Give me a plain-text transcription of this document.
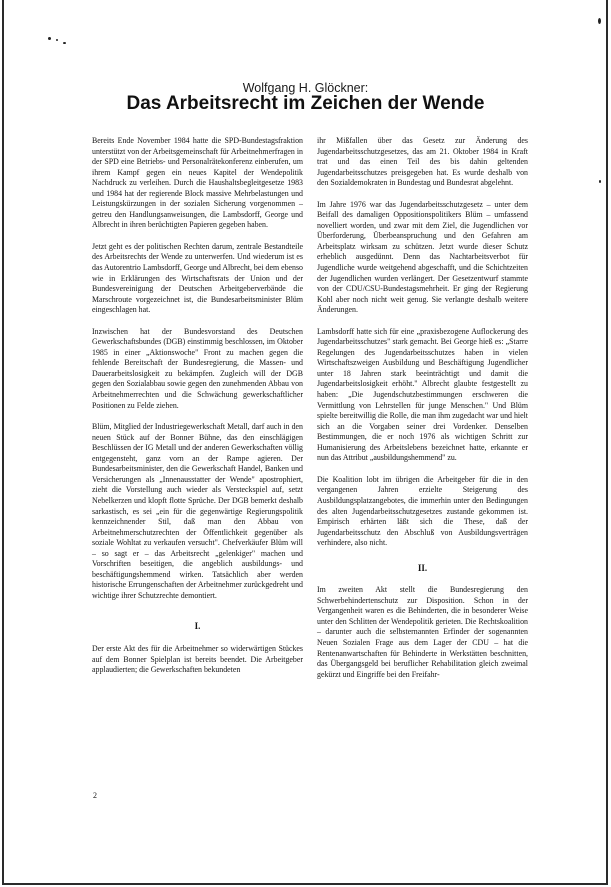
Wolfgang H. Glöckner:
Das Arbeitsrecht im Zeichen der Wende

Bereits Ende November 1984 hatte die SPD-Bundestagsfraktion unterstützt von der Arbeitsgemeinschaft für Arbeitnehmerfragen in der SPD eine Betriebs- und Personalrätekonferenz einberufen, um ihrem Kampf gegen ein neues Kapitel der Wendepolitik Nachdruck zu verleihen. Durch die Haushaltsbegleitgesetze 1983 und 1984 hat der regierende Block massive Mehrbelastungen und Leistungskürzungen in der sozialen Sicherung vorgenommen – getreu den Handlungsanweisungen, die Lambsdorff, George und Albrecht in ihren berüchtigten Papieren gegeben haben.

Jetzt geht es der politischen Rechten darum, zentrale Bestandteile des Arbeitsrechts der Wende zu unterwerfen. Und wiederum ist es das Autorentrio Lambsdorff, George und Albrecht, bei dem ebenso wie in Erklärungen des Wirtschaftsrats der Union und der Bundesvereinigung der Deutschen Arbeitgeberverbände die Marschroute vorgezeichnet ist, die Bundesarbeitsminister Blüm eingeschlagen hat.

Inzwischen hat der Bundesvorstand des Deutschen Gewerkschaftsbundes (DGB) einstimmig beschlossen, im Oktober 1985 in einer „Aktionswoche" Front zu machen gegen die fehlende Bereitschaft der Bundesregierung, die Massen- und Dauerarbeitslosigkeit zu bekämpfen. Zugleich will der DGB gegen den Sozialabbau sowie gegen den zunehmenden Abbau von Arbeitnehmerrechten und die Schwächung gewerkschaftlicher Positionen zu Felde ziehen.

Blüm, Mitglied der Industriegewerkschaft Metall, darf auch in den neuen Stück auf der Bonner Bühne, das den einschlägigen Beschlüssen der IG Metall und der anderen Gewerkschaften völlig entgegensteht, ganz vorn an der Rampe agieren. Der Bundesarbeitsminister, den die Gewerkschaft Handel, Banken und Versicherungen als „Innenausstatter der Wende" apostrophiert, zieht die Vorstellung auch wieder als Versteckspiel auf, setzt Nebelkerzen und klopft flotte Sprüche. Der DGB bemerkt deshalb sarkastisch, es sei „ein für die gegenwärtige Regierungspolitik kennzeichnender Stil, daß man den Abbau von Arbeitnehmerschutzrechten der Öffentlichkeit gegenüber als soziale Wohltat zu verkaufen versucht". Chefverkäufer Blüm will – so sagt er – das Arbeitsrecht „gelenkiger" machen und Vorschriften beseitigen, die angeblich ausbildungs- und beschäftigungshemmend wirken. Tatsächlich aber werden historische Errungenschaften der Arbeitnehmer zurückgedreht und wichtige ihrer Schutzrechte demontiert.

I.

Der erste Akt des für die Arbeitnehmer so widerwärtigen Stückes auf dem Bonner Spielplan ist bereits beendet. Die Arbeitgeber applaudierten; die Gewerkschaften bekundeten

ihr Mißfallen über das Gesetz zur Änderung des Jugendarbeitsschutzgesetzes, das am 21. Oktober 1984 in Kraft trat und das einen Teil des bis dahin geltenden Jugendarbeitsschutzes preisgegeben hat. Es wurde deshalb von den Sozialdemokraten in Bundestag und Bundesrat abgelehnt.

Im Jahre 1976 war das Jugendarbeitsschutzgesetz – unter dem Beifall des damaligen Oppositionspolitikers Blüm – umfassend novelliert worden, und zwar mit dem Ziel, die Jugendlichen vor Überforderung, Überbeanspruchung und den Gefahren am Arbeitsplatz wirksam zu schützen. Jetzt wurde dieser Schutz erheblich ausgedünnt. Denn das Nachtarbeitsverbot für Jugendliche wurde weitgehend abgeschafft, und die Schichtzeiten der Jugendlichen wurden verlängert. Der Gesetzentwurf stammte von der CDU/CSU-Bundestagsmehrheit. Er ging der Regierung Kohl aber noch nicht weit genug. Sie verlangte deshalb weitere Änderungen.

Lambsdorff hatte sich für eine „praxisbezogene Auflockerung des Jugendarbeitsschutzes" stark gemacht. Bei George hieß es: „Starre Regelungen des Jugendarbeitsschutzes haben in vielen Wirtschaftszweigen Ausbildung und Beschäftigung Jugendlicher unter 18 Jahren stark beeinträchtigt und damit die Jugendarbeitslosigkeit erhöht." Albrecht glaubte festgestellt zu haben: „Die Jugendschutzbestimmungen erschweren die Vermittlung von Lehrstellen für junge Menschen." Und Blüm spielte bereitwillig die Rolle, die man ihm zugedacht war und hielt sich an die Vorgaben seiner drei Vordenker. Denselben Bestimmungen, die er noch 1976 als wichtigen Schritt zur Humanisierung des Arbeitslebens bezeichnet hatte, erkannte er nun das Attribut „ausbildungshemmend" zu.

Die Koalition lobt im übrigen die Arbeitgeber für die in den vergangenen Jahren erzielte Steigerung des Ausbildungsplatzangebotes, die immerhin unter den Bedingungen des alten Jugendarbeitsschutzgesetzes zustande gekommen ist. Empirisch erhärten läßt sich die These, daß der Jugendarbeitsschutz den Abschluß von Ausbildungsverträgen verhindere, also nicht.

II.

Im zweiten Akt stellt die Bundesregierung den Schwerbehindertenschutz zur Disposition. Schon in der Vergangenheit waren es die Behinderten, die in besonderer Weise unter den Schlitten der Wendepolitik gerieten. Die Rechtskoalition – darunter auch die selbsternannten Erfinder der sogenannten Neuen Sozialen Frage aus dem Lager der CDU – hat die Rentenanwartschaften für Behinderte in Werkstätten beschnitten, das Übergangsgeld bei beruflicher Rehabilitation gleich zweimal gekürzt und Eingriffe bei den Freifahr-

2
